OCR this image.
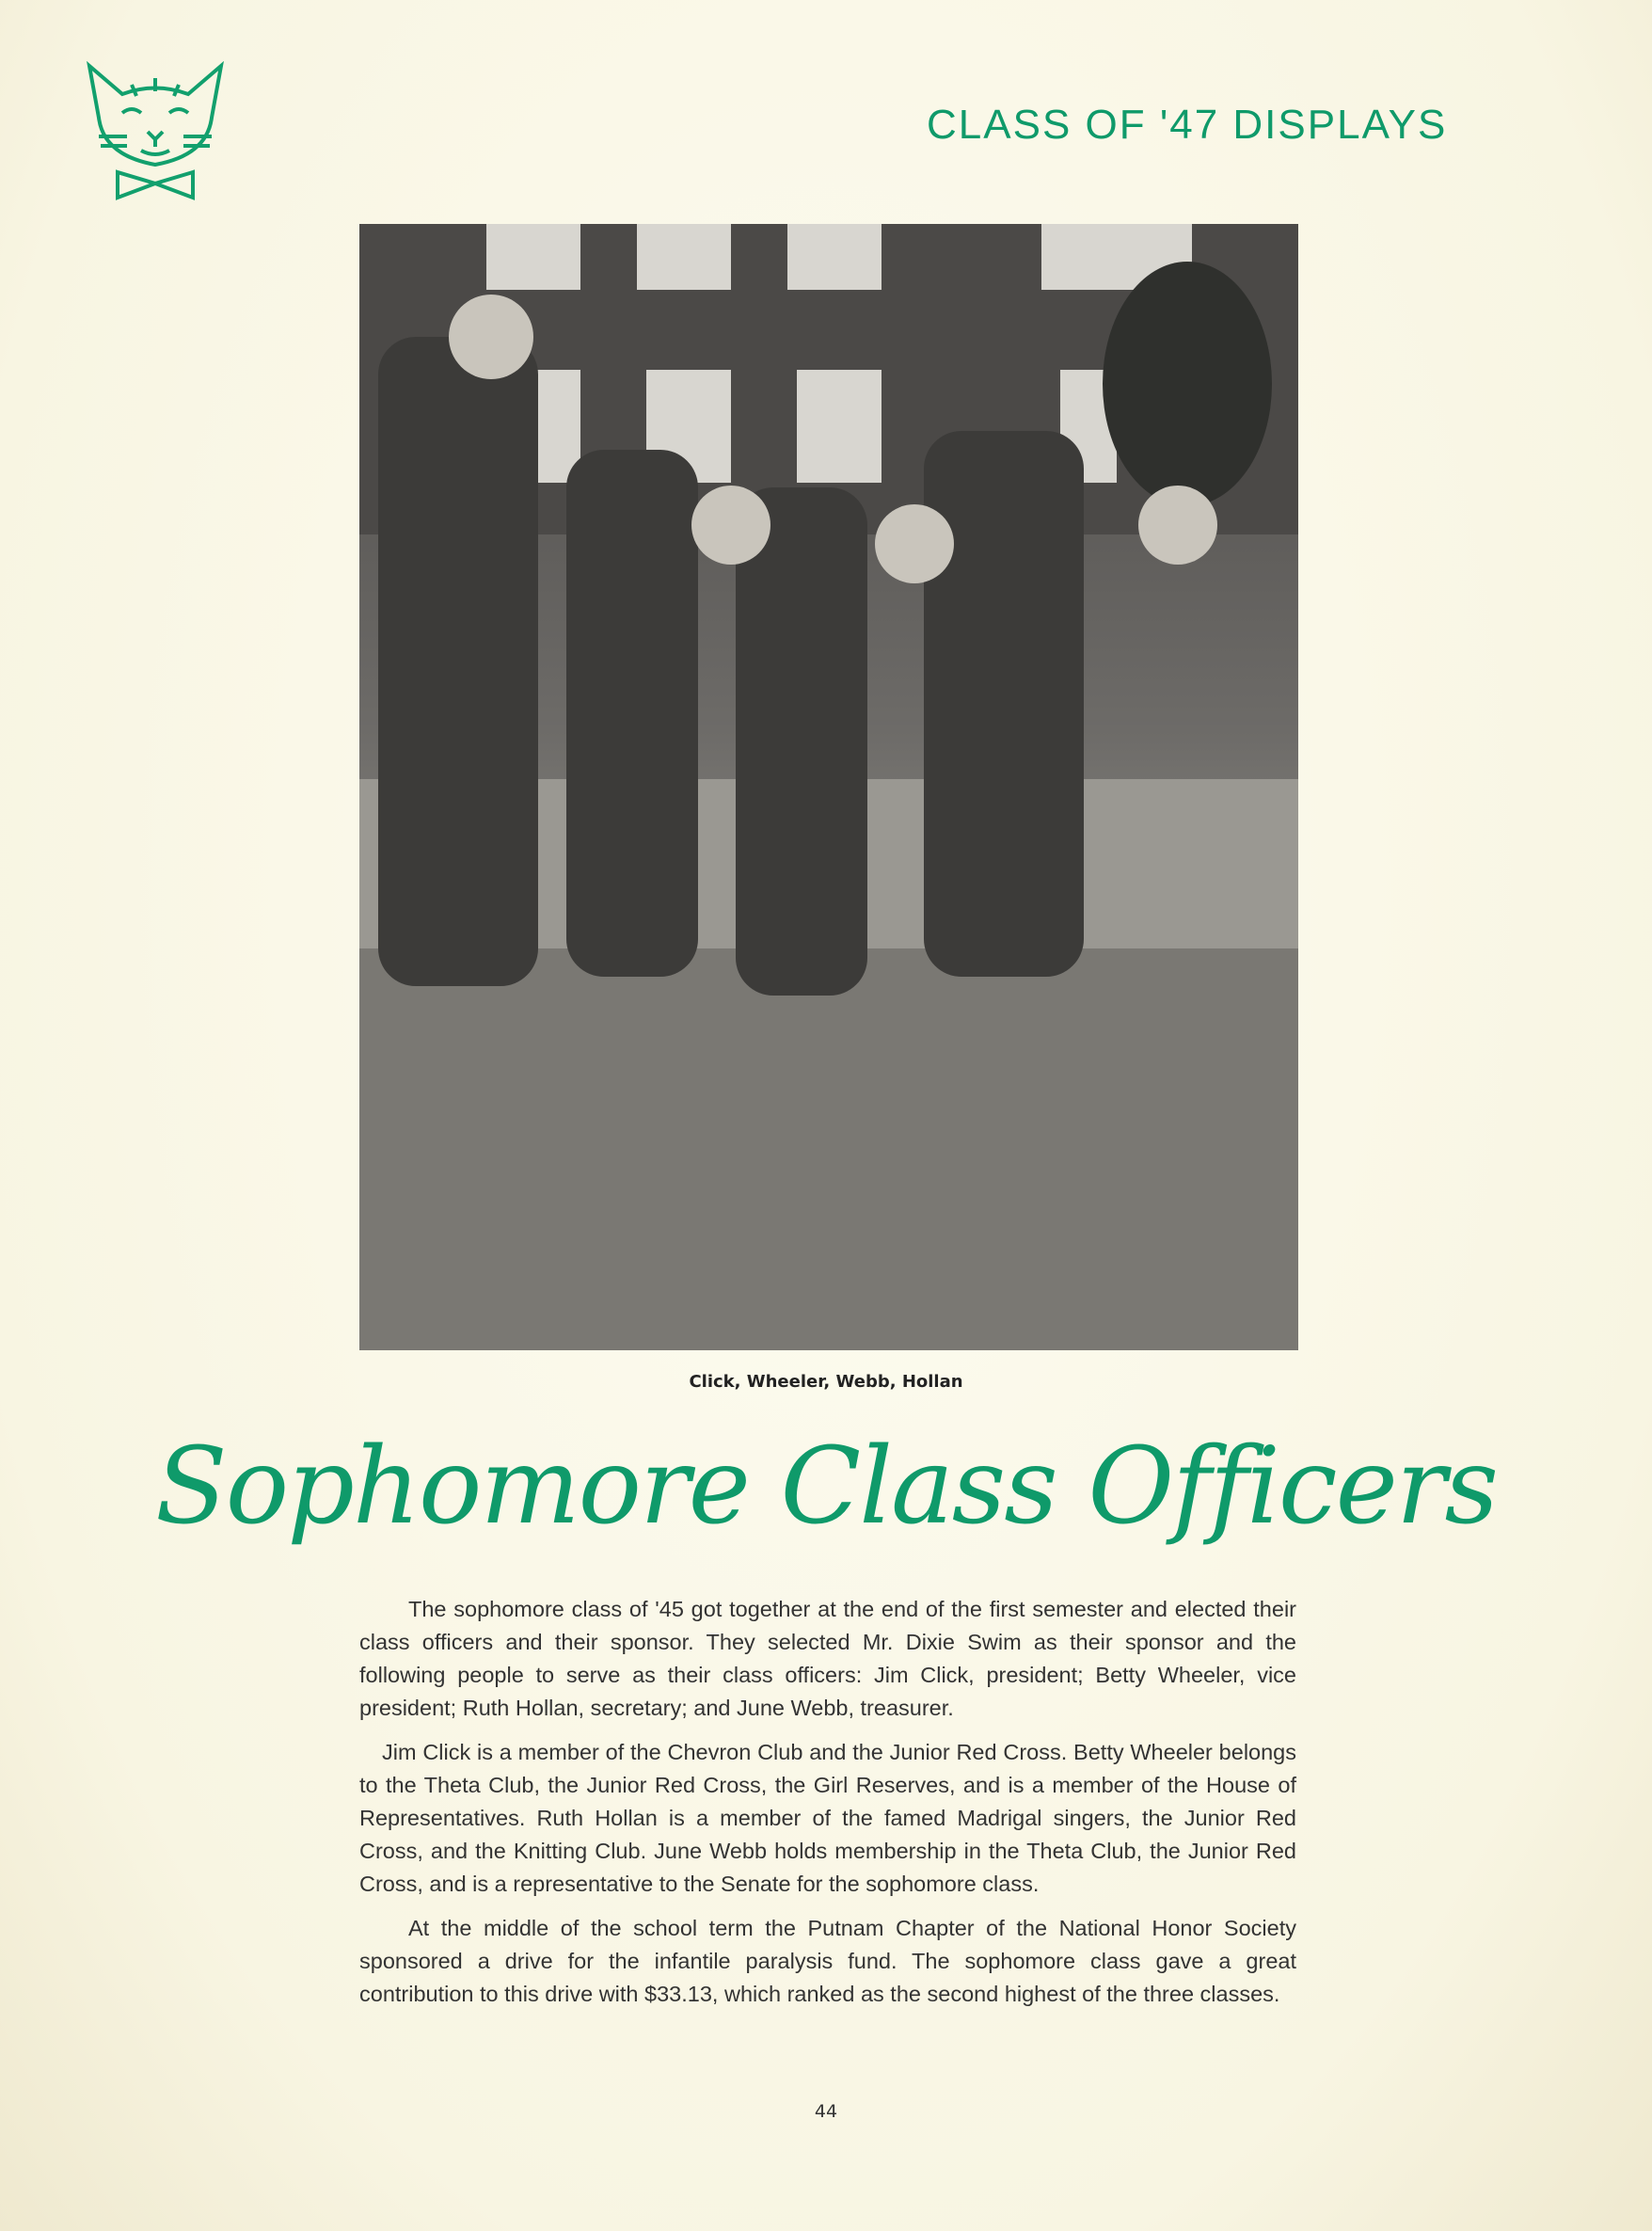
CLASS OF '47 DISPLAYS
Click, Wheeler, Webb, Hollan
Sophomore Class Officers

The sophomore class of '45 got together at the end of the first semester and elected their class officers and their sponsor. They selected Mr. Dixie Swim as their sponsor and the following people to serve as their class officers: Jim Click, president; Betty Wheeler, vice president; Ruth Hollan, secretary; and June Webb, treasurer.

Jim Click is a member of the Chevron Club and the Junior Red Cross. Betty Wheeler belongs to the Theta Club, the Junior Red Cross, the Girl Reserves, and is a member of the House of Representatives. Ruth Hollan is a member of the famed Madrigal singers, the Junior Red Cross, and the Knitting Club. June Webb holds membership in the Theta Club, the Junior Red Cross, and is a representative to the Senate for the sophomore class.

At the middle of the school term the Putnam Chapter of the National Honor Society sponsored a drive for the infantile paralysis fund. The sophomore class gave a great contribution to this drive with $33.13, which ranked as the second highest of the three classes.

44
